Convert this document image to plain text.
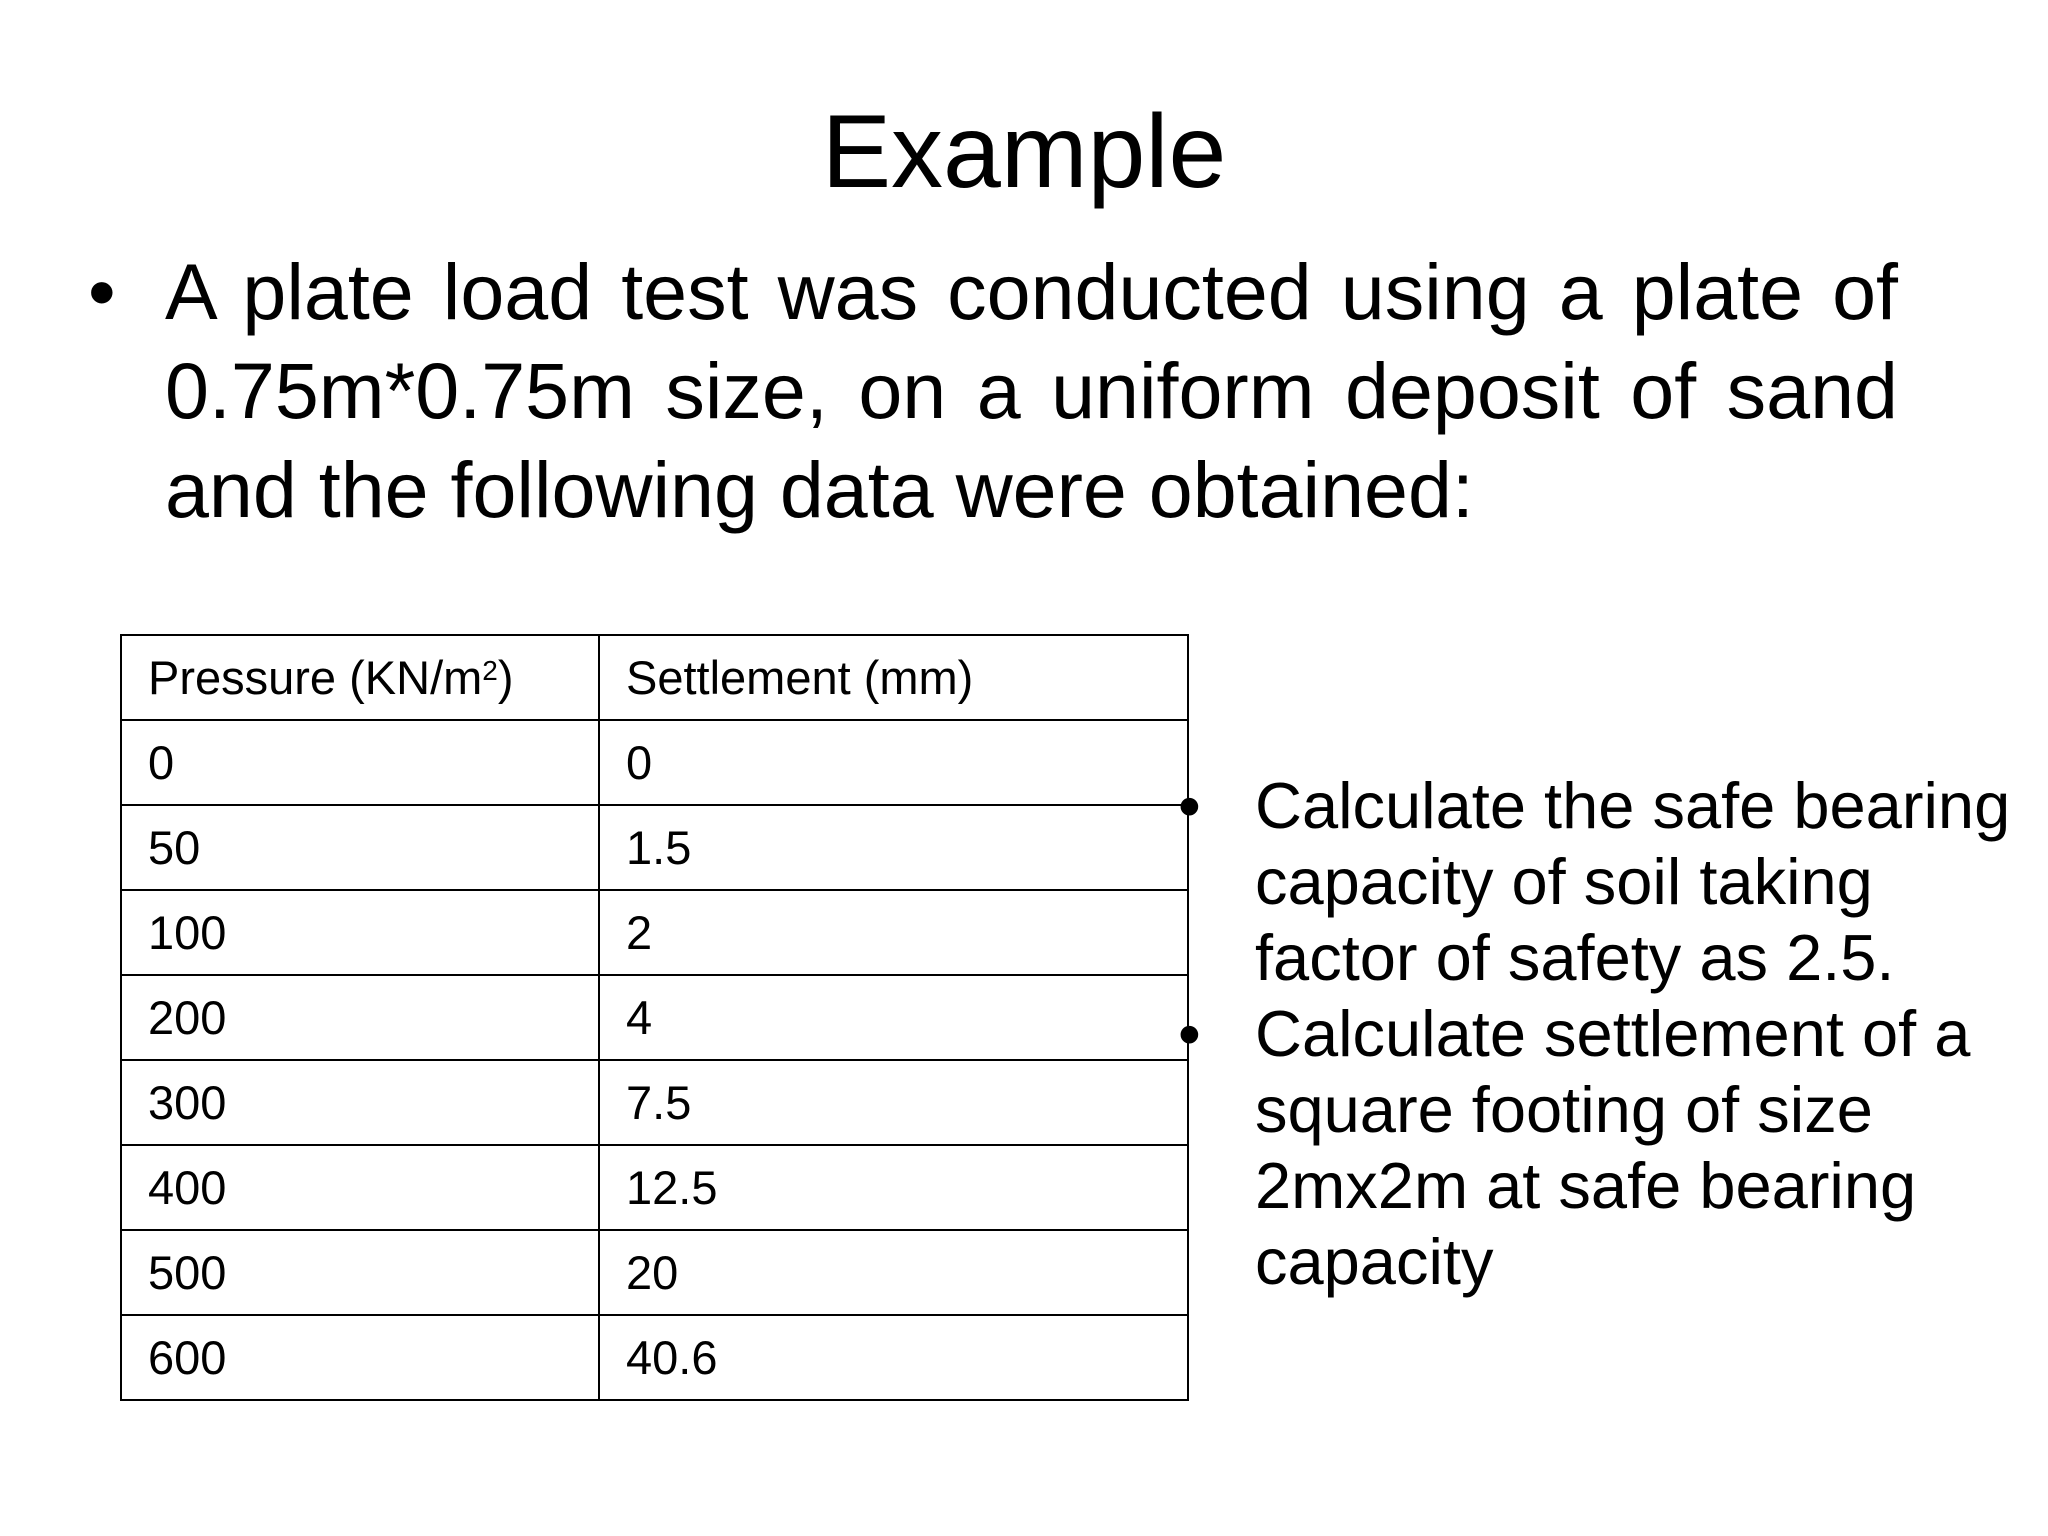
Example
• A plate load test was conducted using a plate of 0.75m*0.75m size, on a uniform deposit of sand and the following data were obtained:
Pressure $(KN/m^2)$	Settlement (mm)
0	0
50	1.5
100	2
200	4
300	7.5
400	12.5
500	20
600	40.6
• Calculate the safe bearing capacity of soil taking factor of safety as 2.5.
• Calculate settlement of a square footing of size 2mx2m at safe bearing capacity
